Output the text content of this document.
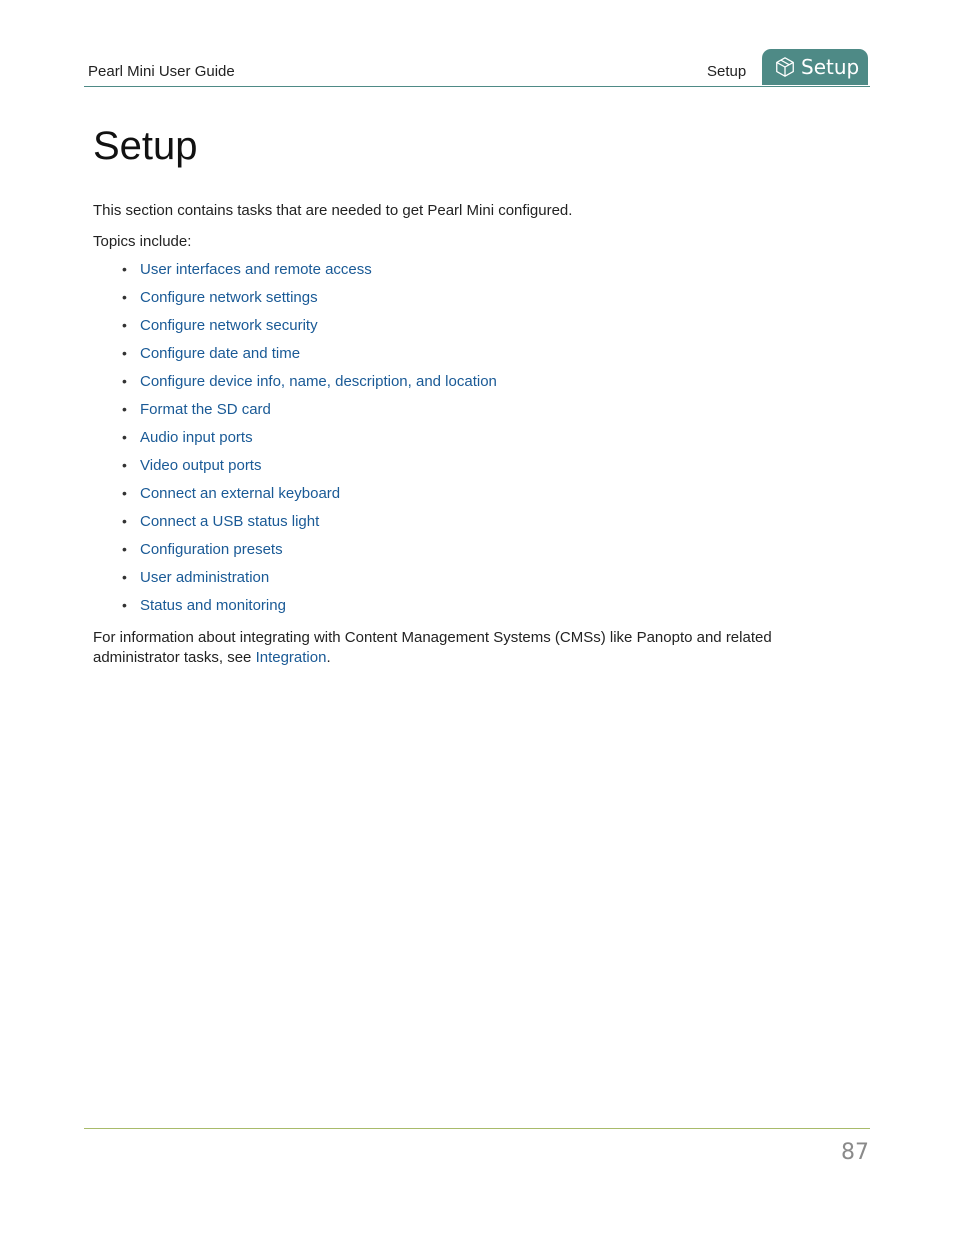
Pearl Mini User Guide	Setup	Setup
Setup

This section contains tasks that are needed to get Pearl Mini configured.

Topics include:

• User interfaces and remote access
• Configure network settings
• Configure network security
• Configure date and time
• Configure device info, name, description, and location
• Format the SD card
• Audio input ports
• Video output ports
• Connect an external keyboard
• Connect a USB status light
• Configuration presets
• User administration
• Status and monitoring

For information about integrating with Content Management Systems (CMSs) like Panopto and related administrator tasks, see Integration.

87
